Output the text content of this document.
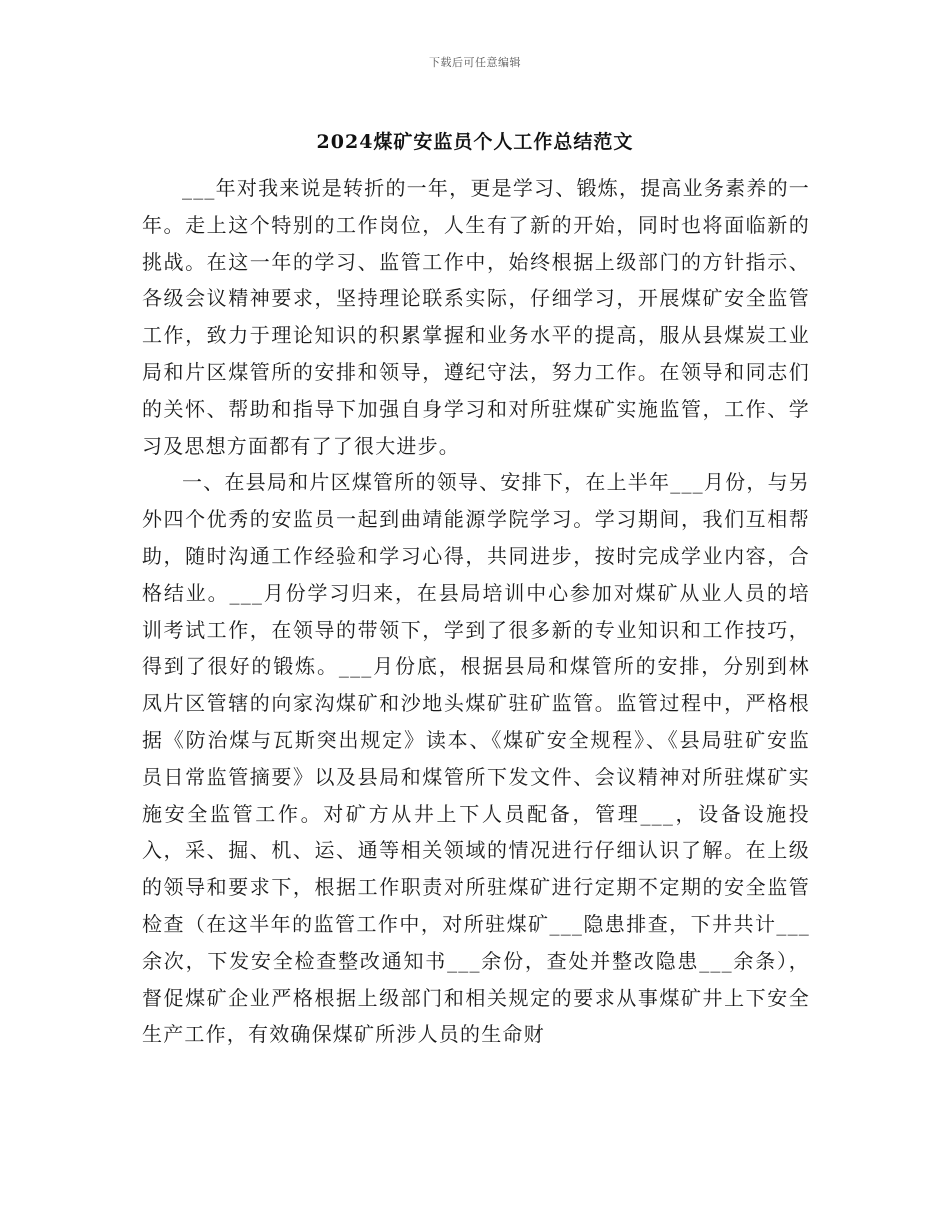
下载后可任意编辑
2024煤矿安监员个人工作总结范文

___年对我来说是转折的一年，更是学习、锻炼，提高业务素养的一年。走上这个特别的工作岗位，人生有了新的开始，同时也将面临新的挑战。在这一年的学习、监管工作中，始终根据上级部门的方针指示、各级会议精神要求，坚持理论联系实际，仔细学习，开展煤矿安全监管工作，致力于理论知识的积累掌握和业务水平的提高，服从县煤炭工业局和片区煤管所的安排和领导，遵纪守法，努力工作。在领导和同志们的关怀、帮助和指导下加强自身学习和对所驻煤矿实施监管，工作、学习及思想方面都有了了很大进步。

一、在县局和片区煤管所的领导、安排下，在上半年___月份，与另外四个优秀的安监员一起到曲靖能源学院学习。学习期间，我们互相帮助，随时沟通工作经验和学习心得，共同进步，按时完成学业内容，合格结业。___月份学习归来，在县局培训中心参加对煤矿从业人员的培训考试工作，在领导的带领下，学到了很多新的专业知识和工作技巧，得到了很好的锻炼。___月份底，根据县局和煤管所的安排，分别到林凤片区管辖的向家沟煤矿和沙地头煤矿驻矿监管。监管过程中，严格根据《防治煤与瓦斯突出规定》读本、《煤矿安全规程》、《县局驻矿安监员日常监管摘要》以及县局和煤管所下发文件、会议精神对所驻煤矿实施安全监管工作。对矿方从井上下人员配备，管理___，设备设施投入，采、掘、机、运、通等相关领域的情况进行仔细认识了解。在上级的领导和要求下，根据工作职责对所驻煤矿进行定期不定期的安全监管检查（在这半年的监管工作中，对所驻煤矿___隐患排查，下井共计___余次，下发安全检查整改通知书___余份，查处并整改隐患___余条），督促煤矿企业严格根据上级部门和相关规定的要求从事煤矿井上下安全生产工作，有效确保煤矿所涉人员的生命财
